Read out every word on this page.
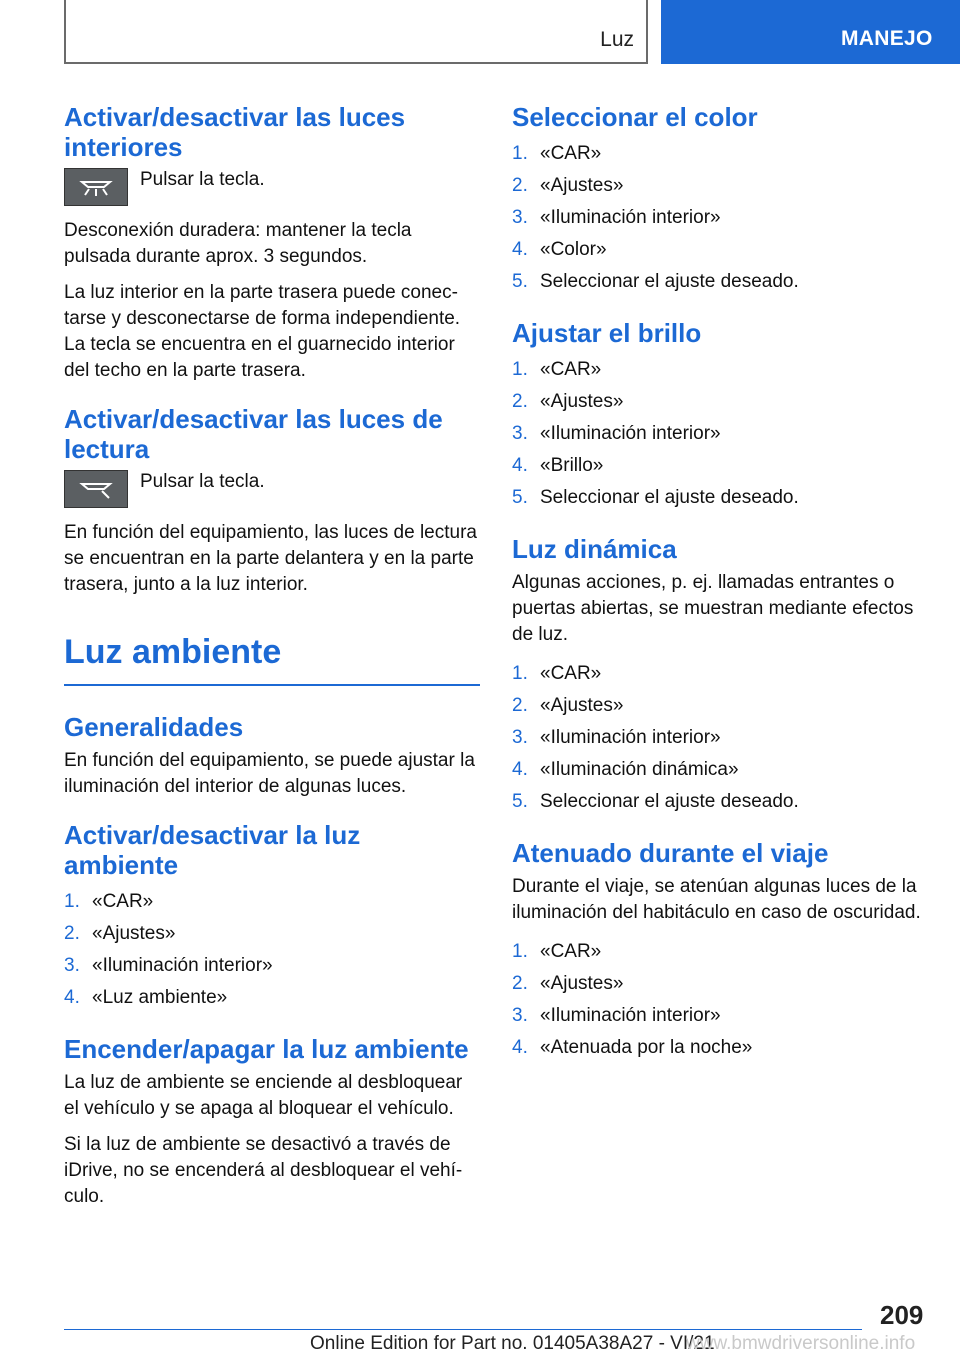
Luz	MANEJO
Activar/desactivar las luces interiores

Pulsar la tecla.

Desconexión duradera: mantener la tecla pulsada durante aprox. 3 segundos.

La luz interior en la parte trasera puede conectarse y desconectarse de forma independiente. La tecla se encuentra en el guarnecido interior del techo en la parte trasera.

Activar/desactivar las luces de lectura

Pulsar la tecla.

En función del equipamiento, las luces de lectura se encuentran en la parte delantera y en la parte trasera, junto a la luz interior.

Luz ambiente
Generalidades

En función del equipamiento, se puede ajustar la iluminación del interior de algunas luces.

Activar/desactivar la luz ambiente
1. «CAR»
2. «Ajustes»
3. «Iluminación interior»
4. «Luz ambiente»
Encender/apagar la luz ambiente

La luz de ambiente se enciende al desbloquear el vehículo y se apaga al bloquear el vehículo.

Si la luz de ambiente se desactivó a través de iDrive, no se encenderá al desbloquear el vehículo.

Seleccionar el color
1. «CAR»
2. «Ajustes»
3. «Iluminación interior»
4. «Color»
5. Seleccionar el ajuste deseado.
Ajustar el brillo
1. «CAR»
2. «Ajustes»
3. «Iluminación interior»
4. «Brillo»
5. Seleccionar el ajuste deseado.
Luz dinámica

Algunas acciones, p. ej. llamadas entrantes o puertas abiertas, se muestran mediante efectos de luz.

1. «CAR»
2. «Ajustes»
3. «Iluminación interior»
4. «Iluminación dinámica»
5. Seleccionar el ajuste deseado.
Atenuado durante el viaje

Durante el viaje, se atenúan algunas luces de la iluminación del habitáculo en caso de oscuridad.

1. «CAR»
2. «Ajustes»
3. «Iluminación interior»
4. «Atenuada por la noche»
209
Online Edition for Part no. 01405A38A27 - VI/21
www.bmwdriversonline.info
